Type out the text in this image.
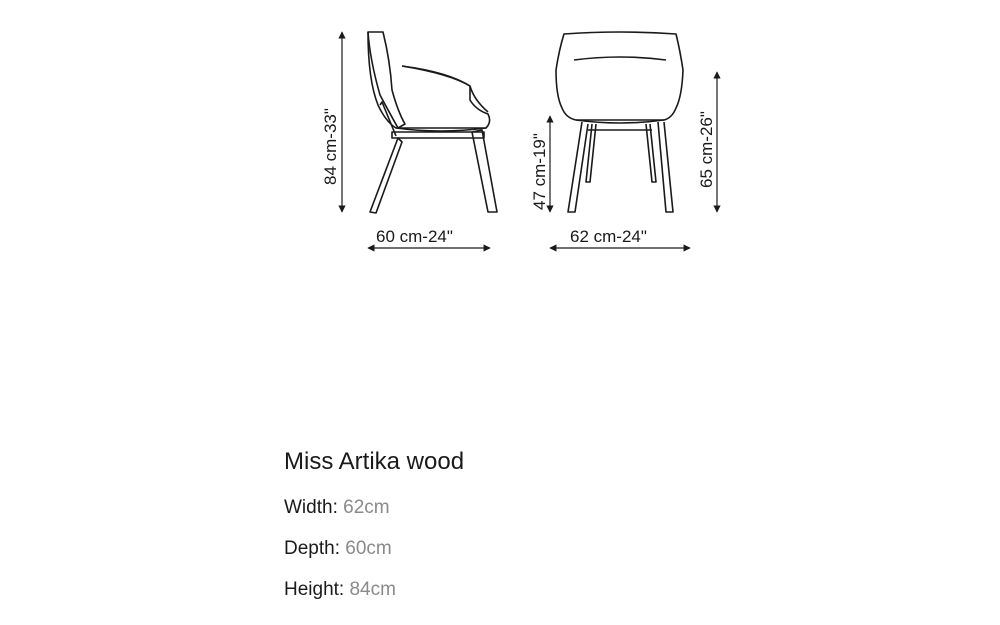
84 cm-33"
60 cm-24"
47 cm-19"	65 cm-26"
62 cm-24"
Miss Artika wood
Width: 62cm
Depth: 60cm
Height: 84cm
